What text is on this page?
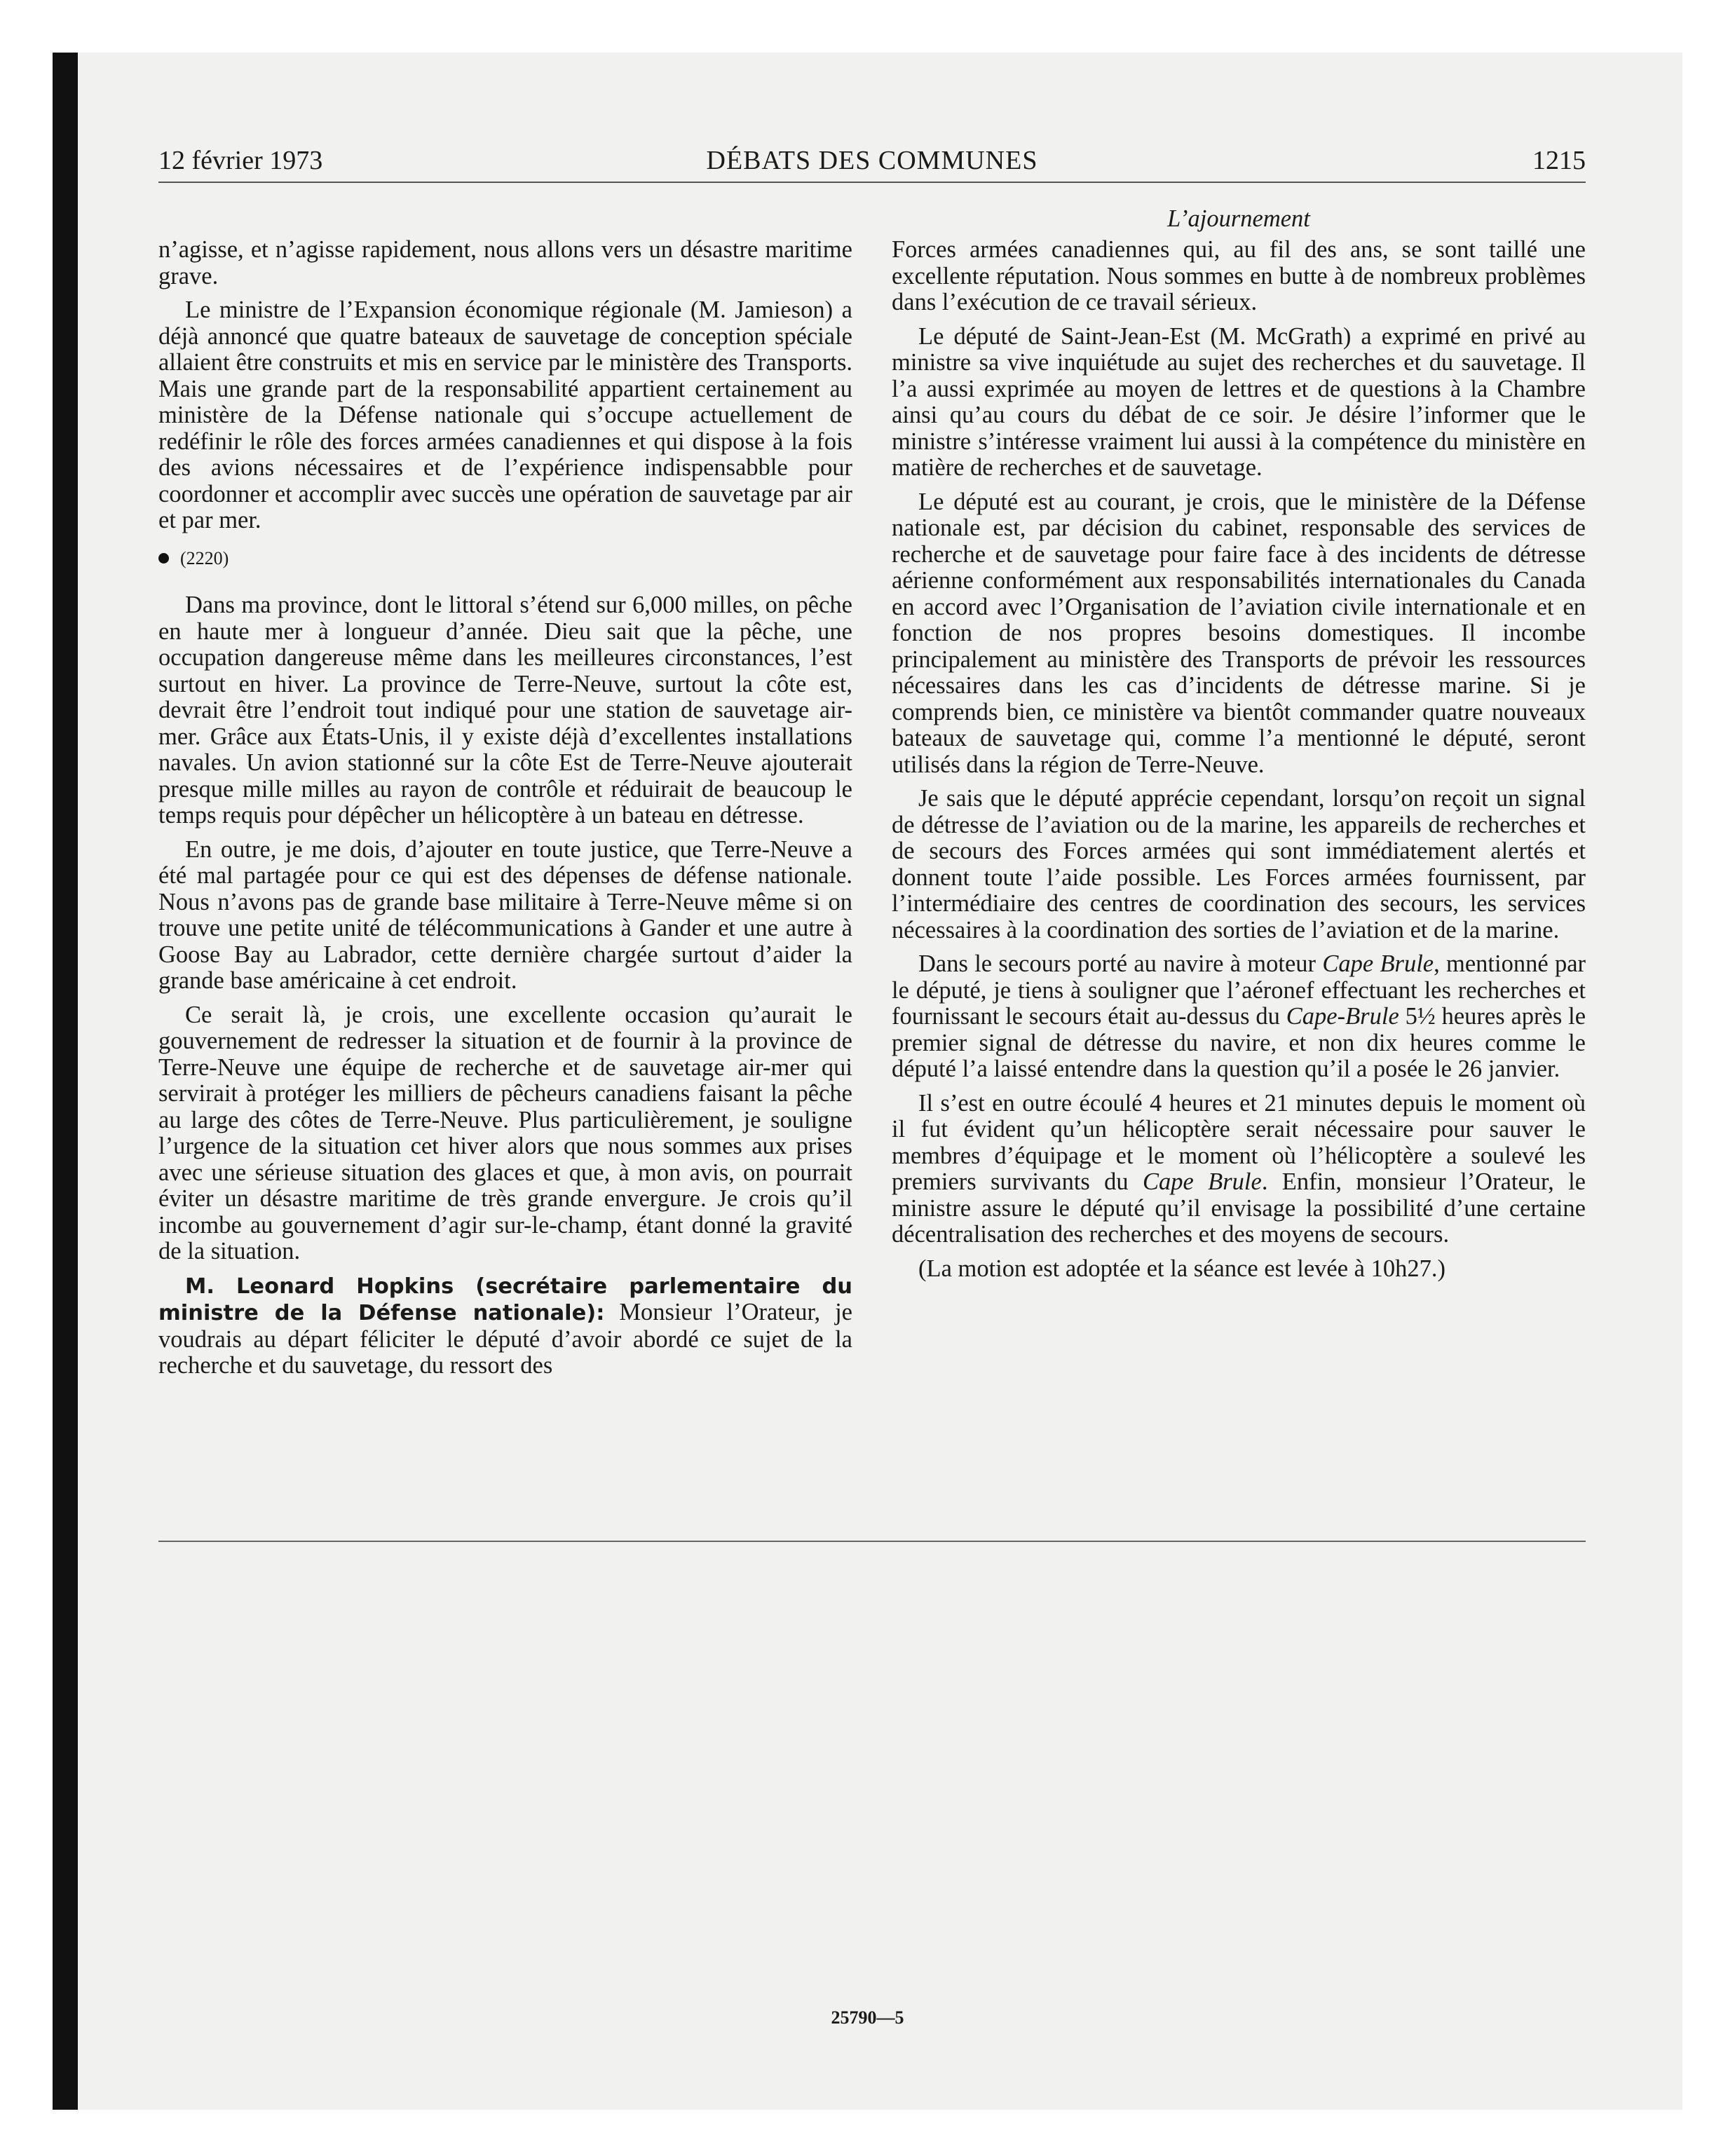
12 février 1973	DÉBATS DES COMMUNES	1215
L’ajournement

n’agisse, et n’agisse rapidement, nous allons vers un désastre maritime grave.

Le ministre de l’Expansion économique régionale (M. Jamieson) a déjà annoncé que quatre bateaux de sauvetage de conception spéciale allaient être construits et mis en service par le ministère des Transports. Mais une grande part de la responsabilité appartient certainement au ministère de la Défense nationale qui s’occupe actuellement de redéfinir le rôle des forces armées canadiennes et qui dispose à la fois des avions nécessaires et de l’expérience indispensabble pour coordonner et accomplir avec succès une opération de sauvetage par air et par mer.

(2220)

Dans ma province, dont le littoral s’étend sur 6,000 milles, on pêche en haute mer à longueur d’année. Dieu sait que la pêche, une occupation dangereuse même dans les meilleures circonstances, l’est surtout en hiver. La province de Terre-Neuve, surtout la côte est, devrait être l’endroit tout indiqué pour une station de sauvetage air-mer. Grâce aux États-Unis, il y existe déjà d’excellentes installations navales. Un avion stationné sur la côte Est de Terre-Neuve ajouterait presque mille milles au rayon de contrôle et réduirait de beaucoup le temps requis pour dépêcher un hélicoptère à un bateau en détresse.

En outre, je me dois, d’ajouter en toute justice, que Terre-Neuve a été mal partagée pour ce qui est des dépenses de défense nationale. Nous n’avons pas de grande base militaire à Terre-Neuve même si on trouve une petite unité de télécommunications à Gander et une autre à Goose Bay au Labrador, cette dernière chargée surtout d’aider la grande base américaine à cet endroit.

Ce serait là, je crois, une excellente occasion qu’aurait le gouvernement de redresser la situation et de fournir à la province de Terre-Neuve une équipe de recherche et de sauvetage air-mer qui servirait à protéger les milliers de pêcheurs canadiens faisant la pêche au large des côtes de Terre-Neuve. Plus particulièrement, je souligne l’urgence de la situation cet hiver alors que nous sommes aux prises avec une sérieuse situation des glaces et que, à mon avis, on pourrait éviter un désastre maritime de très grande envergure. Je crois qu’il incombe au gouvernement d’agir sur-le-champ, étant donné la gravité de la situation.

M. Leonard Hopkins (secrétaire parlementaire du ministre de la Défense nationale): Monsieur l’Orateur, je voudrais au départ féliciter le député d’avoir abordé ce sujet de la recherche et du sauvetage, du ressort des

Forces armées canadiennes qui, au fil des ans, se sont taillé une excellente réputation. Nous sommes en butte à de nombreux problèmes dans l’exécution de ce travail sérieux.

Le député de Saint-Jean-Est (M. McGrath) a exprimé en privé au ministre sa vive inquiétude au sujet des recherches et du sauvetage. Il l’a aussi exprimée au moyen de lettres et de questions à la Chambre ainsi qu’au cours du débat de ce soir. Je désire l’informer que le ministre s’intéresse vraiment lui aussi à la compétence du ministère en matière de recherches et de sauvetage.

Le député est au courant, je crois, que le ministère de la Défense nationale est, par décision du cabinet, responsable des services de recherche et de sauvetage pour faire face à des incidents de détresse aérienne conformément aux responsabilités internationales du Canada en accord avec l’Organisation de l’aviation civile internationale et en fonction de nos propres besoins domestiques. Il incombe principalement au ministère des Transports de prévoir les ressources nécessaires dans les cas d’incidents de détresse marine. Si je comprends bien, ce ministère va bientôt commander quatre nouveaux bateaux de sauvetage qui, comme l’a mentionné le député, seront utilisés dans la région de Terre-Neuve.

Je sais que le député apprécie cependant, lorsqu’on reçoit un signal de détresse de l’aviation ou de la marine, les appareils de recherches et de secours des Forces armées qui sont immédiatement alertés et donnent toute l’aide possible. Les Forces armées fournissent, par l’intermédiaire des centres de coordination des secours, les services nécessaires à la coordination des sorties de l’aviation et de la marine.

Dans le secours porté au navire à moteur Cape Brule, mentionné par le député, je tiens à souligner que l’aéronef effectuant les recherches et fournissant le secours était au-dessus du Cape-Brule 5½ heures après le premier signal de détresse du navire, et non dix heures comme le député l’a laissé entendre dans la question qu’il a posée le 26 janvier.

Il s’est en outre écoulé 4 heures et 21 minutes depuis le moment où il fut évident qu’un hélicoptère serait nécessaire pour sauver le membres d’équipage et le moment où l’hélicoptère a soulevé les premiers survivants du Cape Brule. Enfin, monsieur l’Orateur, le ministre assure le député qu’il envisage la possibilité d’une certaine décentralisation des recherches et des moyens de secours.

(La motion est adoptée et la séance est levée à 10h27.)

25790—5
